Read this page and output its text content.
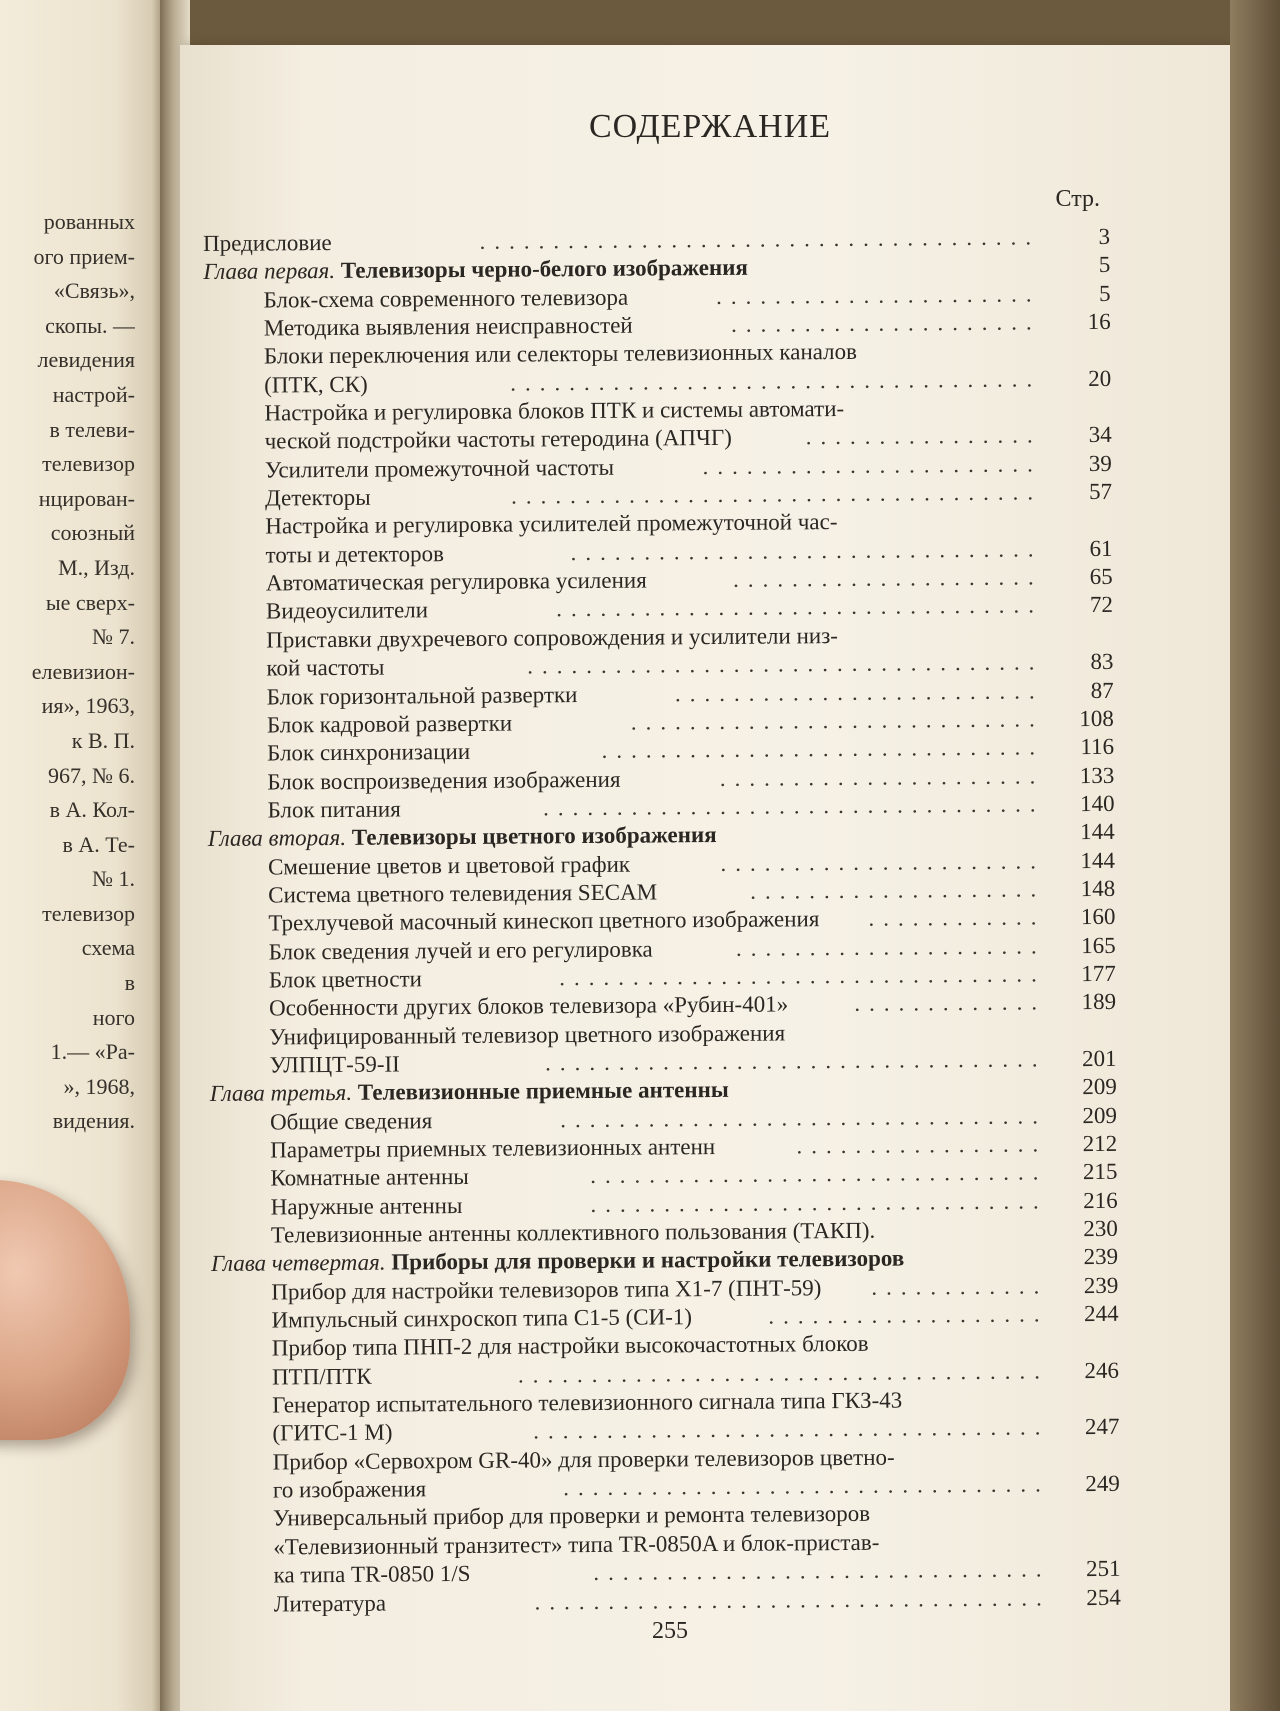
рованных
ого прием-
«Связь»,
скопы. —
левидения
настрой-
в телеви-
телевизор
нцирован-
союзный
М., Изд.
ые сверх-
№ 7.
елевизион-
ия», 1963,
к В. П.
967, № 6.
в А. Кол-
в А. Те-
№ 1.
телевизор
схема
в
ного
1.— «Ра-
», 1968,
видения.
СОДЕРЖАНИЕ
Стр.
Предисловие	......................................	3
Глава первая. Телевизоры черно-белого изображения	5
Блок-схема современного телевизора	......................	5
Методика выявления неисправностей	.....................	16
Блоки переключения или селекторы телевизионных каналов
(ПТК, СК)	....................................	20
Настройка и регулировка блоков ПТК и системы автомати-
ческой подстройки частоты гетеродина (АПЧГ)	................	34
Усилители промежуточной частоты	.......................	39
Детекторы	....................................	57
Настройка и регулировка усилителей промежуточной час-
тоты и детекторов	................................	61
Автоматическая регулировка усиления	.....................	65
Видеоусилители	.................................	72
Приставки двухречевого сопровождения и усилители низ-
кой частоты	...................................	83
Блок горизонтальной развертки	.........................	87
Блок кадровой развертки	............................	108
Блок синхронизации	..............................	116
Блок воспроизведения изображения	......................	133
Блок питания	..................................	140
Глава вторая. Телевизоры цветного изображения	144
Смешение цветов и цветовой график	......................	144
Система цветного телевидения SECAM	....................	148
Трехлучевой масочный кинескоп цветного изображения ............	160
Блок сведения лучей и его регулировка	.....................	165
Блок цветности	.................................	177
Особенности других блоков телевизора «Рубин-401»	.............	189
Унифицированный телевизор цветного изображения
УЛПЦТ-59-II	..................................	201
Глава третья. Телевизионные приемные антенны	209
Общие сведения	.................................	209
Параметры приемных телевизионных антенн	.................	212
Комнатные антенны	...............................	215
Наружные антенны	...............................	216
Телевизионные антенны коллективного пользования (ТАКП).	230
Глава четвертая. Приборы для проверки и настройки телевизоров	239
Прибор для настройки телевизоров типа Х1-7 (ПНТ-59) ............	239
Импульсный синхроскоп типа С1-5 (СИ-1)	...................	244
Прибор типа ПНП-2 для настройки высокочастотных блоков
ПТП/ПТК	....................................	246
Генератор испытательного телевизионного сигнала типа ГКЗ-43
(ГИТС-1 М)	...................................	247
Прибор «Сервохром GR-40» для проверки телевизоров цветно-
го изображения	.................................	249
Универсальный прибор для проверки и ремонта телевизоров
«Телевизионный транзитест» типа TR-0850A и блок-пристав-
ка типа TR-0850 1/S	...............................	251
Литература	...................................	254
255
